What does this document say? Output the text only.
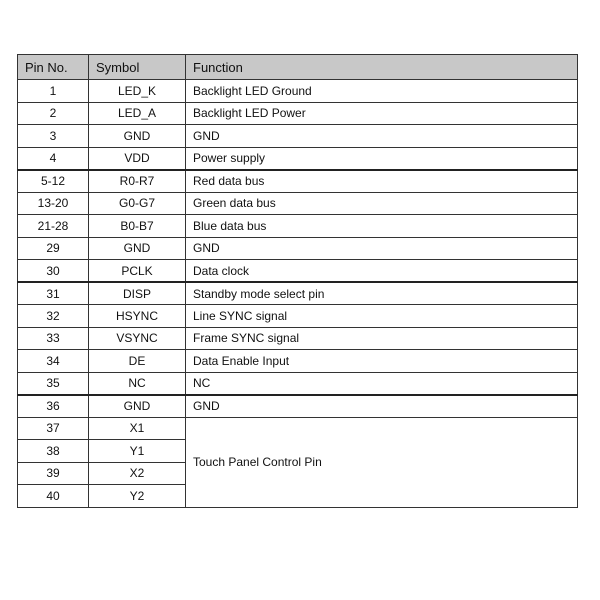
Pin No.	Symbol	Function
1	LED_K	Backlight LED Ground
2	LED_A	Backlight LED Power
3	GND	GND
4	VDD	Power supply
5-12	R0-R7	Red data bus
13-20	G0-G7	Green data bus
21-28	B0-B7	Blue data bus
29	GND	GND
30	PCLK	Data clock
31	DISP	Standby mode select pin
32	HSYNC	Line SYNC signal
33	VSYNC	Frame SYNC signal
34	DE	Data Enable Input
35	NC	NC
36	GND	GND
37	X1	Touch Panel Control Pin
38	Y1	
39	X2	
40	Y2	
